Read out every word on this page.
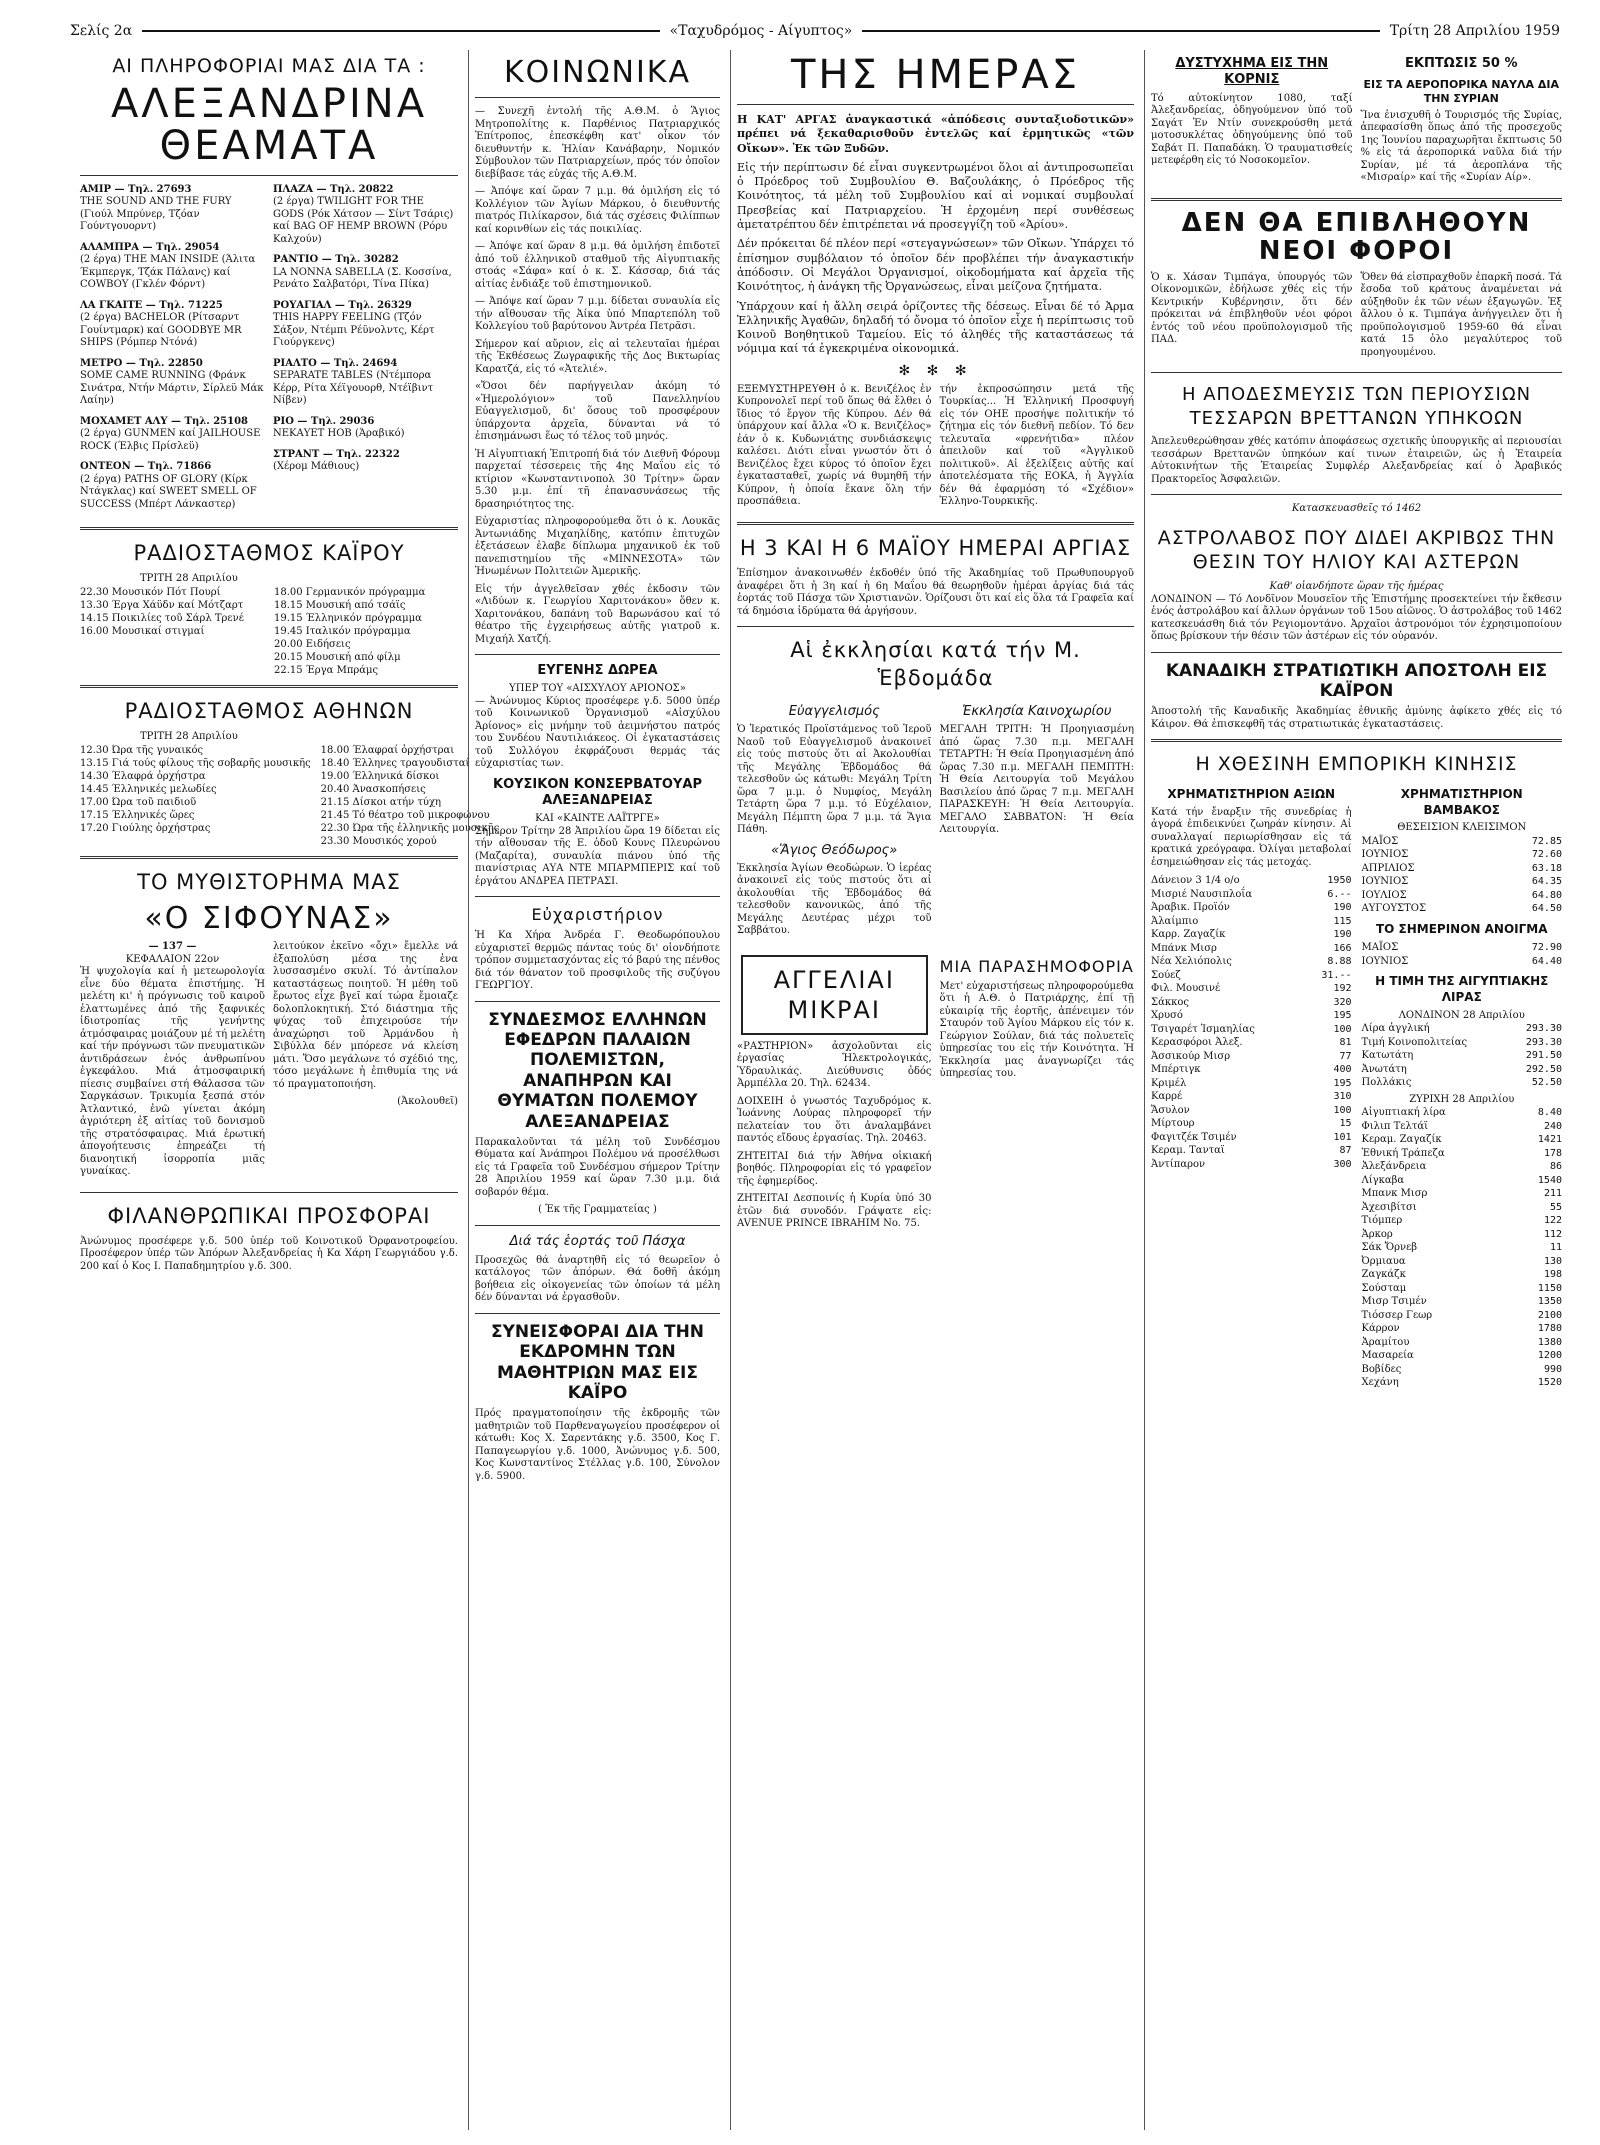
Σελίς 2α	«Ταχυδρόμος - Αίγυπτος»	Τρίτη 28 Απριλίου 1959
ΑΙ ΠΛΗΡΟΦΟΡΙΑΙ ΜΑΣ ΔΙΑ ΤΑ :
ΑΛΕΞΑΝΔΡΙΝΑ ΘΕΑΜΑΤΑ
ΑΜΙΡ — Τηλ. 27693
THE SOUND AND THE FURY (Γιούλ Μπρύνερ, Τζόαν Γούντγουορντ)
ΑΛΑΜΠΡΑ — Τηλ. 29054
(2 έργα) THE MAN INSIDE (Άλιτα Έκμπεργκ, Τζάκ Πάλανς) καί COWBOY (Γκλέν Φόρντ)
ΛΑ ΓΚΑΙΤΕ — Τηλ. 71225
(2 έργα) BACHELOR (Ρίτσαρντ Γουίντμαρκ) καί GOODBYE MR SHIPS (Ρόμπερ Ντόνά)
ΜΕΤΡΟ — Τηλ. 22850
SOME CAME RUNNING (Φράνκ Σινάτρα, Ντήν Μάρτιν, Σίρλεϋ Μάκ Λαίην)
ΜΟΧΑΜΕΤ ΑΛΥ — Τηλ. 25108
(2 έργα) GUNMEN καί JAILHOUSE ROCK (Έλβις Πρίσλεϋ)
ΟΝΤΕΟΝ — Τηλ. 71866
(2 έργα) PATHS OF GLORY (Κίρκ Ντάγκλας) καί SWEET SMELL OF SUCCESS (Μπέρτ Λάνκαστερ)
ΠΛΑΖΑ — Τηλ. 20822
(2 έργα) TWILIGHT FOR THE GODS (Ρόκ Χάτσον — Σίντ Τσάρις) καί BAG OF HEMP BROWN (Ρόρυ Καλχούν)
ΡΑΝΤΙΟ — Τηλ. 30282
LA NONNA SABELLA (Σ. Κοσσίνα, Ρενάτο Σαλβατόρι, Τίνα Πίκα)
ΡΟΥΑΓΙΑΛ — Τηλ. 26329
THIS HAPPY FEELING (Τζόν Σάξον, Ντέμπι Ρέϋνολντς, Κέρτ Γιούργκενς)
ΡΙΑΛΤΟ — Τηλ. 24694
SEPARATE TABLES (Ντέμπορα Κέρρ, Ρίτα Χέϊγουορθ, Ντέϊβιντ Νίβεν)
ΡΙΟ — Τηλ. 29036
ΝΕΚΑΥΕΤ ΗΟΒ (Άραβικό)
ΣΤΡΑΝΤ — Τηλ. 22322
(Χέρομ Μάθιους)
ΡΑΔΙΟΣΤΑΘΜΟΣ ΚΑΪΡΟΥ
ΤΡΙΤΗ 28 Απριλίου
22.30 Μουσικόν Πότ Πουρί	18.00 Γερμανικόν πρόγραμμα
13.30 Έργα Χάϋδν καί Μότζαρτ	18.15 Μουσική από τσάϊς
14.15 Ποικιλίες τοῦ Σάρλ Τρενέ	19.15 Έλληνικόν πρόγραμμα
16.00 Μουσικαί στιγμαί	19.45 Ιταλικόν πρόγραμμα
20.00 Ειδήσεις
20.15 Μουσική από φίλμ
22.15 Έργα Μπράμς
ΡΑΔΙΟΣΤΑΘΜΟΣ ΑΘΗΝΩΝ
ΤΡΙΤΗ 28 Απριλίου
12.30 Ώρα τῆς γυναικός	18.00 Έλαφραί ὀρχήστραι
13.15 Γιά τούς φίλους τῆς σοβαρῆς μουσικῆς 18.40 Έλληνες τραγουδισταί
14.30 Έλαφρά ὀρχήστρα	19.00 Έλληνικά δίσκοι
14.45 Έλληνικές μελωδίες	20.40 Άνασκοπήσεις
17.00 Ώρα τοῦ παιδιοῦ	21.15 Δίσκοι ατήν τύχη
17.15 Έλληνικές ὥρες	21.45 Τό θέατρο τοῦ μικροφώνου
17.20 Γιούλης ὀρχήστρας	22.30 Ώρα τῆς ἐλληνικῆς μουσικῆς
23.30 Μουσικός χορού
ΤΟ ΜΥΘΙΣΤΟΡΗΜΑ ΜΑΣ
«Ο ΣΙΦΟΥΝΑΣ»
— 137 —
ΚΕΦΑΛΑΙΟΝ 22ον

Ἡ ψυχολογία καί ἡ μετεωρολογία εἶνε δύο θέματα ἐπιστήμης. Ἡ μελέτη κι' ἡ πρόγνωσις τοῦ καιροῦ ἐλαττωμένες ἀπό τῆς ξαφνικές ἰδιοτροπίας τῆς γενήντης ἀτμόσφαιρας μοιάζουν μέ τή μελέτη καί τήν πρόγνωσι τῶν πνευματικῶν ἀντιδράσεων ἑνός ἀνθρωπίνου ἐγκεφάλου. Μιά ἀτμοσφαιρική πίεσις συμβαίνει στή Θάλασσα τῶν Σαργκάσων. Τρικυμία ξεσπά στόν Ἀτλαντικό, ἐνῶ γίνεται ἀκόμη ἀγριότερη ἐξ αἰτίας τοῦ δονισμοῦ τῆς στρατόσφαιρας. Μιά ἐρωτική ἀπογοήτευσις ἐπηρεάζει τή διανοητική ἰσορροπία μιᾶς γυναίκας.

λειτούκον ἐκεῖνο «ὄχι» ἔμελλε νά ἐξαπολύση μέσα της ἐνα λυσσασμένο σκυλί. Τό ἀντίπαλον καταστάσεως ποιητοῦ. Ἡ μέθη τοῦ ἔρωτος εἶχε βγεῖ καί τώρα ἔμοιαζε δολοπλοκητική. Στό διάστημα τῆς ψύχας τοῦ ἐπιχειρούσε τήν ἀναχώρησι τοῦ Ἀρμάνδου ἡ Σιβύλλα δέν μπόρεσε νά κλείση μάτι. Ὅσο μεγάλωνε τό σχέδιό της, τόσο μεγάλωνε ἡ ἐπιθυμία της νά τό πραγματοποιήση.

(Ἀκολουθεῖ)
ΦΙΛΑΝΘΡΩΠΙΚΑΙ ΠΡΟΣΦΟΡΑΙ

Ἀνώνυμος προσέφερε γ.δ. 500 ὑπέρ τοῦ Κοινοτικοῦ Ὀρφανοτροφείου. Προσέφερον ὑπέρ τῶν Ἀπόρων Ἀλεξανδρείας ἡ Κα Χάρη Γεωργιάδου γ.δ. 200 καί ὁ Κος Ι. Παπαδημητρίου γ.δ. 300.

ΚΟΙΝΩΝΙΚΑ

— Συνεχῆ ἐντολή τῆς Α.Θ.Μ. ὁ Ἅγιος Μητροπολίτης κ. Παρθένιος Πατριαρχικός Ἐπίτροπος, ἐπεσκέφθη κατ' οἶκον τόν διευθυντήν κ. Ἠλίαν Κανάβαρην, Νομικόν Σύμβουλον τῶν Πατριαρχείων, πρός τόν ὁποῖον διεβίβασε τάς εὐχάς τῆς Α.Θ.Μ.

— Ἀπόψε καί ὥραν 7 μ.μ. θά ὁμιλήση εἰς τό Κολλέγιον τῶν Ἀγίων Μάρκου, ὁ διευθυντής πιατρός Πιλίκαρσον, διά τάς σχέσεις Φιλίππων καί κορινθίων εἰς τάς ποικιλίας.

— Ἀπόψε καί ὥραν 8 μ.μ. θά ὁμιλήση ἐπιδοτεῖ ἀπό τοῦ ἐλληνικοῦ σταθμοῦ τῆς Αἰγυπτιακῆς στοάς «Σάφα» καί ὁ κ. Σ. Κάσσαρ, διά τάς αἰτίας ἐνδιάξε τοῦ ἐπιστημονικοῦ.

— Ἀπόψε καί ὥραν 7 μ.μ. δίδεται συναυλία εἰς τήν αἴθουσαν τῆς Ἀίκα ὑπό Μπαρτεπόλη τοῦ Κολλεγίου τοῦ βαρύτονου Ἀντρέα Πετρᾶσι.

Σήμερον καί αὔριον, εἰς αἱ τελευταῖαι ἡμέραι τῆς Ἐκθέσεως Ζωγραφικῆς τῆς Δος Βικτωρίας Καρατζά, εἰς τό «Ἀτελιέ».

«Ὅσοι δέν παρήγγειλαν ἀκόμη τό «Ἡμερολόγιον» τοῦ Πανελληνίου Εὐαγγελισμοῦ, δι' ὅσους τοῦ προσφέρουν ὑπάρχοντα ἀρχεῖα, δύνανται νά τό ἐπισημάνωσι ἕως τό τέλος τοῦ μηνός.

Ἡ Αἰγυπτιακή Ἐπιτροπή διά τόν Διεθνῆ Φόρουμ παρχεταί τέσσερεις τῆς 4ης Μαΐου εἰς τό κτίριον «Κωνσταντινοπολ 30 Τρίτην» ὥραν 5.30 μ.μ. ἐπί τῆ ἐπανασυνάσεως τῆς δρασηριότητος της.

Εὐχαριστίας πληροφορούμεθα ὅτι ὁ κ. Λουκᾶς Ἀντωνιάδης Μιχαηλίδης, κατόπιν ἐπιτυχῶν ἐξετάσεων ἐλαβε δίπλωμα μηχανικοῦ ἐκ τοῦ πανεπιστημίου τῆς «ΜΙΝΝΕΣΟΤΑ» τῶν Ἡνωμένων Πολιτειῶν Ἀμερικῆς.

Εἰς τήν ἀγγελθεῖσαν χθές ἐκδοσιν τῶν «Λιδύων κ. Γεωργίου Χαριτονάκου» ὅθεν κ. Χαριτονάκου, δαπάνη τοῦ Βαρωνάσου καί τό θέατρο τῆς ἐγχειρήσεως αὐτῆς γιατροῦ κ. Μιχαήλ Χατζή.

ΕΥΓΕΝΗΣ ΔΩΡΕΑ
ΥΠΕΡ ΤΟΥ «ΑΙΣΧΥΛΟΥ ΑΡΙΟΝΟΣ»

— Ἀνώνυμος Κύριος προσέφερε γ.δ. 5000 ὑπέρ τοῦ Κοινωνικοῦ Ὀργανισμοῦ «Αἰσχύλου Ἀρίονος» εἰς μνήμην τοῦ ἀειμνήστου πατρός του Συνδέου Ναυτιλιάκεος. Οἱ ἐγκαταστάσεις τοῦ Συλλόγου ἐκφράζουσι θερμάς τάς εὐχαριστίας των.

ΚΟΥΣΙΚΟΝ ΚΟΝΣΕΡΒΑΤΟΥΑΡ ΑΛΕΞΑΝΔΡΕΙΑΣ
ΚΑΙ «ΚΑΙΝΤΕ ΛΑΪΤΡΓΕ»

Σήμερον Τρίτην 28 Ἀπριλίου ὥρα 19 δίδεται εἰς τήν αἴθουσαν τῆς Ε. ὁδοῦ Κουνς Πλευρώνου (Μαζαρίτα), συναυλία πιάνου ὑπό τῆς πιανίστριας ΑΥΑ ΝΤΕ ΜΠΑΡΜΠΕΡΙΣ καί τοῦ ἐργάτου ΑΝΔΡΕΑ ΠΕΤΡΑΣΙ.

Εὐχαριστήριον

Ἡ Κα Χήρα Ἀνδρέα Γ. Θεοδωρόπουλου εὐχαριστεῖ θερμῶς πάντας τούς δι' οἱονδήποτε τρόπον συμμετασχόντας εἰς τό βαρύ της πένθος διά τόν θάνατον τοῦ προσφιλοῦς τῆς συζύγου ΓΕΩΡΓΙΟΥ.

ΣΥΝΔΕΣΜΟΣ ΕΛΛΗΝΩΝ ΕΦΕΔΡΩΝ ΠΑΛΑΙΩΝ ΠΟΛΕΜΙΣΤΩΝ, ΑΝΑΠΗΡΩΝ ΚΑΙ ΘΥΜΑΤΩΝ ΠΟΛΕΜΟΥ ΑΛΕΞΑΝΔΡΕΙΑΣ

Παρακαλοῦνται τά μέλη τοῦ Συνδέσμου Θύματα καί Ἀνάπηροι Πολέμου νά προσέλθωσι εἰς τά Γραφεῖα τοῦ Συνδέσμου σήμερον Τρίτην 28 Ἀπριλίου 1959 καί ὥραν 7.30 μ.μ. διά σοβαρόν θέμα.

( Ἐκ τῆς Γραμματείας )
Διά τάς ἑορτάς τοῦ Πάσχα

Προσεχῶς θά ἀναρτηθῆ εἰς τό θεωρεῖον ὁ κατάλογος τῶν ἀπόρων. Θά δοθῆ ἀκόμη βοήθεια εἰς οἰκογενείας τῶν ὁποίων τά μέλη δέν δύνανται νά ἐργασθοῦν.

ΣΥΝΕΙΣΦΟΡΑΙ ΔΙΑ ΤΗΝ ΕΚΔΡΟΜΗΝ ΤΩΝ ΜΑΘΗΤΡΙΩΝ ΜΑΣ ΕΙΣ ΚΑΪΡΟ

Πρός πραγματοποίησιν τῆς ἐκδρομῆς τῶν μαθητριῶν τοῦ Παρθεναγωγείου προσέφερον οἱ κάτωθι: Κος Χ. Σαρεντάκης γ.δ. 3500, Κος Γ. Παπαγεωργίου γ.δ. 1000, Ἀνώνυμος γ.δ. 500, Κος Κωνσταντίνος Στέλλας γ.δ. 100, Σύνολον γ.δ. 5900.

ΤΗΣ ΗΜΕΡΑΣ

Η ΚΑΤ' ΑΡΓΑΣ ἀναγκαστικά «ἀπόδεσις συνταξιοδοτικῶν» πρέπει νά ξεκαθαρισθοῦν ἐντελῶς καί ἐρμητικῶς «τῶν Οἴκων». Ἐκ τῶν Ξυδῶν.

Εἰς τήν περίπτωσιν δέ εἶναι συγκεντρωμένοι ὅλοι αἱ ἀντιπροσωπεῖαι ὁ Πρόεδρος τοῦ Συμβουλίου Θ. Βαζουλάκης, ὁ Πρόεδρος τῆς Κοινότητος, τά μέλη τοῦ Συμβουλίου καί αἱ νομικαί συμβουλαί Πρεσβείας καί Πατριαρχείου. Ἡ ἐρχομένη περί συνθέσεως ἀμετατρέπτου δέν ἐπιτρέπεται νά προσεγγίζη τοῦ «Ἀρίου».

Δέν πρόκειται δέ πλέον περί «στεγαγνώσεων» τῶν Οἴκων. Ὑπάρχει τό ἐπίσημον συμβόλαιον τό ὁποῖον δέν προβλέπει τήν ἀναγκαστικήν ἀπόδοσιν. Οἱ Μεγάλοι Ὀργανισμοί, οἰκοδομήματα καί ἀρχεῖα τῆς Κοινότητος, ἡ ἀνάγκη τῆς Ὀργανώσεως, εἶναι μείζονα ζητήματα.

Ὑπάρχουν καί ἡ ἄλλη σειρά ὀρίζοντες τῆς δέσεως. Εἶναι δέ τό Ἀρμα Ἑλληνικῆς Ἀγαθῶν, δηλαδή τό ὄνομα τό ὁποῖον εἶχε ἡ περίπτωσις τοῦ Κοινοῦ Βοηθητικοῦ Ταμείου. Εἰς τό ἀληθές τῆς καταστάσεως τά νόμιμα καί τά ἐγκεκριμένα οἰκονομικά.

✻ ✻ ✻

ΕΞΕΜΥΣΤΗΡΕΥΘΗ ὁ κ. Βενιζέλος ἐν Κυπρονολεῖ περί τοῦ ὅπως θά ἔλθει ὁ ἴδιος τό ἔργον τῆς Κύπρου. Δέν θά ὑπάρχουν καί ἄλλα «Ὁ κ. Βενιζέλος» ἐάν ὁ κ. Κυδωνιάτης συνδιάσκεψις καλέσει. Διότι εἶναι γνωστόν ὅτι ὁ Βενιζέλος ἔχει κύρος τό ὁποῖον ἔχει ἐγκατασταθεῖ, χωρίς νά θυμηθῆ τήν Κύπρον, ἡ ὁποία ἔκανε ὅλη τήν προσπάθεια.

τήν ἐκπροσώπησιν μετά τῆς Τουρκίας... Ἡ Ἑλληνική Προσφυγή εἰς τόν ΟΗΕ προσήψε πολιτικήν τό ζήτημα εἰς τόν διεθνῆ πεδίον. Τό δεν τελευταῖα «φρενήτιδα» πλέον ἀπειλοῦν καί τοῦ «Ἀγγλικοῦ πολιτικοῦ». Αἱ ἐξελίξεις αὐτῆς καί ἀποτελέσματα τῆς ΕΟΚΑ, ἡ Ἀγγλία δέν θά ἐφαρμόση τό «Σχέδιον» Ἑλληνο-Τουρκικῆς.

Η 3 ΚΑΙ Η 6 ΜΑΪΟΥ ΗΜΕΡΑΙ ΑΡΓΙΑΣ

Ἐπίσημον ἀνακοινωθέν ἐκδοθέν ὑπό τῆς Ἀκαδημίας τοῦ Πρωθυπουργοῦ ἀναφέρει ὅτι ἡ 3η καί ἡ 6η Μαΐου θά θεωρηθοῦν ἡμέραι ἀργίας διά τάς ἑορτάς τοῦ Πάσχα τῶν Χριστιανῶν. Ὁρίζουσι ὅτι καί εἰς ὅλα τά Γραφεῖα καί τά δημόσια ἱδρύματα θά ἀργήσουν.

Αἱ ἐκκλησίαι κατά τήν Μ. Ἑβδομάδα
Εὐαγγελισμός

Ὁ Ἱερατικός Προϊστάμενος τοῦ Ἱεροῦ Ναοῦ τοῦ Εὐαγγελισμοῦ ἀνακοινεῖ εἰς τούς πιστούς ὅτι αἱ Ἀκολουθίαι τῆς Μεγάλης Ἑβδομάδος θά τελεσθοῦν ὡς κάτωθι: Μεγάλη Τρίτη ὥρα 7 μ.μ. ὁ Νυμφίος, Μεγάλη Τετάρτη ὥρα 7 μ.μ. τό Εὐχέλαιον, Μεγάλη Πέμπτη ὥρα 7 μ.μ. τά Ἅγια Πάθη.

«Ἅγιος Θεόδωρος»

Ἐκκλησία Ἁγίων Θεοδώρων. Ὁ ἱερέας ἀνακοινεῖ εἰς τούς πιστούς ὅτι αἱ ἀκολουθίαι τῆς Ἑβδομάδος θά τελεσθοῦν κανονικῶς, ἀπό τῆς Μεγάλης Δευτέρας μέχρι τοῦ Σαββάτου.

Ἐκκλησία Καινοχωρίου

ΜΕΓΑΛΗ ΤΡΙΤΗ: Ἡ Προηγιασμένη ἀπό ὥρας 7.30 π.μ. ΜΕΓΑΛΗ ΤΕΤΑΡΤΗ: Ἡ Θεία Προηγιασμένη ἀπό ὥρας 7.30 π.μ. ΜΕΓΑΛΗ ΠΕΜΠΤΗ: Ἡ Θεία Λειτουργία τοῦ Μεγάλου Βασιλείου ἀπό ὥρας 7 π.μ. ΜΕΓΑΛΗ ΠΑΡΑΣΚΕΥΗ: Ἡ Θεία Λειτουργία. ΜΕΓΑΛΟ ΣΑΒΒΑΤΟΝ: Ἡ Θεία Λειτουργία.

ΑΓΓΕΛΙΑΙ ΜΙΚΡΑΙ

«ΡΑΣΤΗΡΙΟΝ» ἀσχολοῦνται εἰς ἐργασίας Ἡλεκτρολογικάς, Ὑδραυλικάς. Διεύθυνσις ὁδός Ἀρμπέλλα 20. Τηλ. 62434.

ΔΟΙΧΕΙΗ ὁ γνωστός Ταχυδρόμος κ. Ἰωάννης Λούρας πληροφορεῖ τήν πελατείαν του ὅτι ἀναλαμβάνει παντός εἴδους ἐργασίας. Τηλ. 20463.

ΖΗΤΕΙΤΑΙ διά τήν Ἀθήνα οἰκιακή βοηθός. Πληροφορίαι εἰς τό γραφεῖον τῆς ἐφημερίδος.

ΖΗΤΕΙΤΑΙ Δεσποινίς ἡ Κυρία ὑπό 30 ἐτῶν διά συνοδόν. Γράψατε εἰς: AVENUE PRINCE IBRAHIM No. 75.

ΜΙΑ ΠΑΡΑΣΗΜΟΦΟΡΙΑ

Μετ' εὐχαριστήσεως πληροφορούμεθα ὅτι ἡ Α.Θ. ὁ Πατριάρχης, ἐπί τῇ εὐκαιρίᾳ τῆς ἐορτῆς, ἀπένειμεν τόν Σταυρόν τοῦ Ἁγίου Μάρκου εἰς τόν κ. Γεώργιον Σούλαν, διά τάς πολυετεῖς ὑπηρεσίας του εἰς τήν Κοινότητα. Ἡ Ἐκκλησία μας ἀναγνωρίζει τάς ὑπηρεσίας του.

ΔΥΣΤΥΧΗΜΑ ΕΙΣ ΤΗΝ ΚΟΡΝΙΣ

Τό αὐτοκίνητον 1080, ταξί Ἀλεξανδρείας, ὁδηγούμενον ὑπό τοῦ Σαγάτ Ἐν Ντίν συνεκρούσθη μετά μοτοσυκλέτας ὁδηγούμενης ὑπό τοῦ Σαβάτ Π. Παπαδάκη. Ὁ τραυματισθείς μετεφέρθη εἰς τό Νοσοκομεῖον.

ΕΚΠΤΩΣΙΣ 50 %
ΕΙΣ ΤΑ ΑΕΡΟΠΟΡΙΚΑ ΝΑΥΛΑ ΔΙΑ ΤΗΝ ΣΥΡΙΑΝ

Ἵνα ἐνισχυθῆ ὁ Τουρισμός τῆς Συρίας, ἀπεφασίσθη ὅπως ἀπό τῆς προσεχοῦς 1ης Ἰουνίου παραχωρῆται ἔκπτωσις 50 % εἰς τά ἀεροπορικά ναῦλα διά τήν Συρίαν, μέ τά ἀεροπλάνα τῆς «Μισραίρ» καί τῆς «Συρίαν Αίρ».

ΔΕΝ ΘΑ ΕΠΙΒΛΗΘΟΥΝ ΝΕΟΙ ΦΟΡΟΙ

Ὁ κ. Χάσαν Τιμπάγα, ὑπουργός τῶν Οἰκονομικῶν, ἐδήλωσε χθές εἰς τήν Κεντρικήν Κυβέρνησιν, ὅτι δέν πρόκειται νά ἐπιβληθοῦν νέοι φόροι ἐντός τοῦ νέου προϋπολογισμοῦ τῆς ΠΑΔ.

Ὅθεν θά εἰσπραχθοῦν ἐπαρκῆ ποσά. Τά ἔσοδα τοῦ κράτους ἀναμένεται νά αὐξηθοῦν ἐκ τῶν νέων ἐξαγωγῶν. Ἐξ ἄλλου ὁ κ. Τιμπάγα ἀνήγγειλεν ὅτι ἡ προϋπολογισμοῦ 1959-60 θά εἶναι κατά 15 ὀλο μεγαλύτερος τοῦ προηγουμένου.

Η ΑΠΟΔΕΣΜΕΥΣΙΣ ΤΩΝ ΠΕΡΙΟΥΣΙΩΝ ΤΕΣΣΑΡΩΝ ΒΡΕΤΤΑΝΩΝ ΥΠΗΚΟΩΝ

Ἀπελευθερώθησαν χθές κατόπιν ἀποφάσεως σχετικῆς ὑπουργικῆς αἱ περιουσίαι τεσσάρων Βρεττανῶν ὑπηκόων καί τινων ἐταιρειῶν, ὡς ἡ Ἑταιρεία Αὐτοκινήτων τῆς Ἑταιρείας Συμφλέρ Αλεξανδρείας καί ὁ Ἀραβικός Πρακτορεῖος Ἀσφαλειῶν.

Κατασκευασθεῖς τό 1462
ΑΣΤΡΟΛΑΒΟΣ ΠΟΥ ΔΙΔΕΙ ΑΚΡΙΒΩΣ ΤΗΝ ΘΕΣΙΝ ΤΟΥ ΗΛΙΟΥ ΚΑΙ ΑΣΤΕΡΩΝ
Καθ' οἱανδήποτε ὥραν τῆς ἡμέρας

ΛΟΝΔΙΝΟΝ — Τό Λονδῖνον Μουσεῖον τῆς Ἐπιστήμης προσεκτείνει τήν ἔκθεσιν ἑνός ἀστρολάβου καί ἄλλων ὀργάνων τοῦ 15ου αἰῶνος. Ὁ ἀστρολάβος τοῦ 1462 κατεσκευάσθη διά τόν Ρεγιομοντάνο. Ἀρχαῖοι ἀστρονόμοι τόν ἐχρησιμοποίουν ὅπως βρίσκουν τήν θέσιν τῶν ἀστέρων εἰς τόν οὐρανόν.

ΚΑΝΑΔΙΚΗ ΣΤΡΑΤΙΩΤΙΚΗ ΑΠΟΣΤΟΛΗ ΕΙΣ ΚΑΪΡΟΝ

Ἀποστολή τῆς Καναδικῆς Ἀκαδημίας ἐθνικῆς ἀμύνης ἀφίκετο χθές εἰς τό Κάιρον. Θά ἐπισκεφθῆ τάς στρατιωτικάς ἐγκαταστάσεις.

Η ΧΘΕΣΙΝΗ ΕΜΠΟΡΙΚΗ ΚΙΝΗΣΙΣ
ΧΡΗΜΑΤΙΣΤΗΡΙΟΝ ΑΞΙΩΝ

Κατά τήν ἔναρξιν τῆς συνεδρίας ἡ ἀγορά ἐπιδεικνύει ζωηράν κίνησιν. Αἱ συναλλαγαί περιωρίσθησαν εἰς τά κρατικά χρεόγραφα. Ὀλίγαι μεταβολαί ἐσημειώθησαν εἰς τάς μετοχάς.

Δάνειον 3 1/4 ο/ο	1950
Μισριέ Ναυσιπλοΐα	6.--
Ἀραβικ. Προϊόν	190
Ἀλαίμπιο	115
Καρρ. Ζαγαζίκ	190
Μπάνκ Μισρ	166
Νέα Χελιόπολις	8.88
Σούεζ	31.--
Φιλ. Μουσινέ	192
Σάκκος	320
Χρυσό	195
Τσιγαρέτ Ἰσμαηλίας	100
Κερασφόροι Ἀλεξ.	81
Ἀσσικούρ Μισρ	77
Μπέρτιγκ	400
Κριμέλ	195
Καρρέ	310
Ἄσυλον	100
Μίρτουρ	15
Φαγιτζέκ Τσιμέν	101
Κεραμ. Τανταϊ	87
Ἀντίπαρον	300
ΧΡΗΜΑΤΙΣΤΗΡΙΟΝ ΒΑΜΒΑΚΟΣ
ΘΕΣΕΙΣΙΟΝ ΚΛΕΙΣΙΜΟΝ
ΜΑΪΟΣ	72.85
ΙΟΥΝΙΟΣ	72.60
ΑΠΡΙΛΙΟΣ	63.18
ΙΟΥΝΙΟΣ	64.35
ΙΟΥΛΙΟΣ	64.80
ΑΥΓΟΥΣΤΟΣ	64.50
ΤΟ ΣΗΜΕΡΙΝΟΝ ΑΝΟΙΓΜΑ
ΜΑΪΟΣ	72.90
ΙΟΥΝΙΟΣ	64.40
Η ΤΙΜΗ ΤΗΣ ΑΙΓΥΠΤΙΑΚΗΣ ΛΙΡΑΣ
ΛΟΝΔΙΝΟΝ 28 Απριλίου
Λίρα ἀγγλική	293.30
Τιμή Κοινοπολιτείας	293.30
Κατωτάτη	291.50
Ἀνωτάτη	292.50
Πολλάκις	52.50
ΖΥΡΙΧΗ 28 Απριλίου
Αἰγυπτιακή λίρα	8.40
Φιλιπ Τελτάϊ	240
Κεραμ. Ζαγαζίκ	1421
Ἐθνική Τράπεζα	178
Ἀλεξάνδρεια	86
Λίγκαβα	1540
Μπανκ Μισρ	211
Ἀχεσιβίτσι	55
Τιόμπερ	122
Ἀρκορ	112
Σάκ Ὄρνεβ	11
Ὀρμιαυα	130
Ζαγκάζκ	198
Σούσταμ	1150
Μισρ Τσιμέν	1350
Τιόσσερ Γεωρ	2100
Κάρρον	1780
Ἀραμίτου	1380
Μασαρεία	1200
Βοβίδες	990
Χεχάνη	1520
